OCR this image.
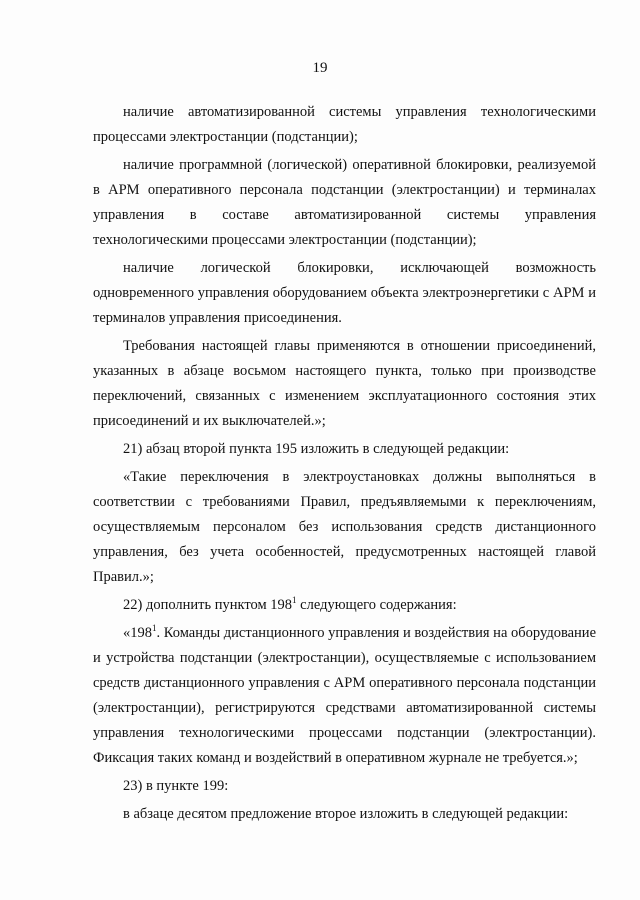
19

наличие автоматизированной системы управления технологическими процессами электростанции (подстанции);

наличие программной (логической) оперативной блокировки, реализуемой в АРМ оперативного персонала подстанции (электростанции) и терминалах управления в составе автоматизированной системы управления технологическими процессами электростанции (подстанции);

наличие логической блокировки, исключающей возможность одновременного управления оборудованием объекта электроэнергетики с АРМ и терминалов управления присоединения.

Требования настоящей главы применяются в отношении присоединений, указанных в абзаце восьмом настоящего пункта, только при производстве переключений, связанных с изменением эксплуатационного состояния этих присоединений и их выключателей.»;

21) абзац второй пункта 195 изложить в следующей редакции:

«Такие переключения в электроустановках должны выполняться в соответствии с требованиями Правил, предъявляемыми к переключениям, осуществляемым персоналом без использования средств дистанционного управления, без учета особенностей, предусмотренных настоящей главой Правил.»;

22) дополнить пунктом $198^1$ следующего содержания:

«$198^1$. Команды дистанционного управления и воздействия на оборудование и устройства подстанции (электростанции), осуществляемые с использованием средств дистанционного управления с АРМ оперативного персонала подстанции (электростанции), регистрируются средствами автоматизированной системы управления технологическими процессами подстанции (электростанции). Фиксация таких команд и воздействий в оперативном журнале не требуется.»;

23) в пункте 199:

в абзаце десятом предложение второе изложить в следующей редакции:
